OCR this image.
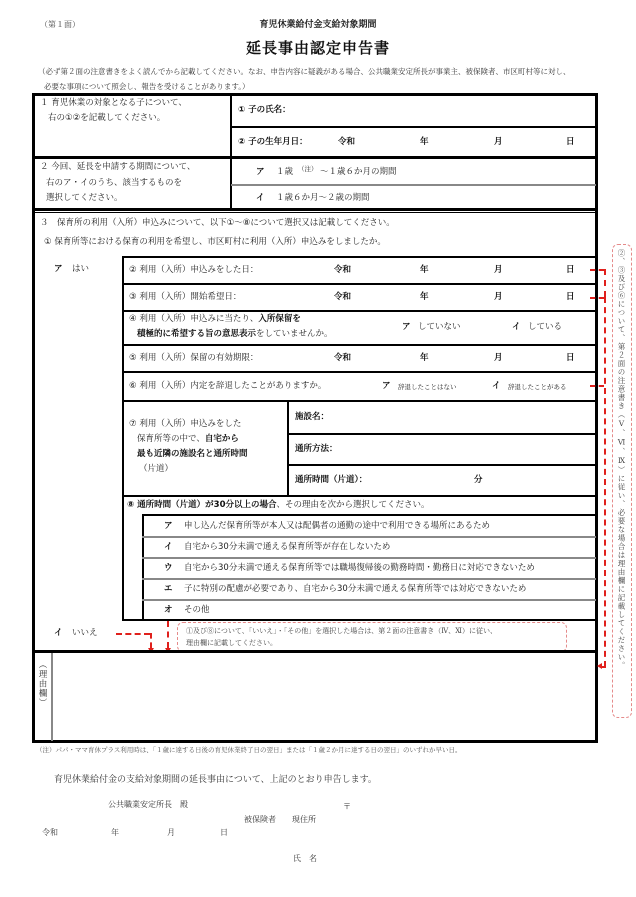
（第１面）	育児休業給付金支給対象期間
延長事由認定申告書
（必ず第２面の注意書きをよく読んでから記載してください。なお、申告内容に疑義がある場合、公共職業安定所長が事業主、被保険者、市区町村等に対し、
必要な事項について照会し、報告を受けることがあります。）
１ 育児休業の対象となる子について、
右の①②を記載してください。
① 子の氏名：
② 子の生年月日：	令和	年	月	日
２ 今回、延長を申請する期間について、
右のア・イのうち、該当するものを
選択してください。
ア １歳 （注） ～１歳６か月の期間
イ １歳６か月～２歳の期間
３　保育所の利用（入所）申込みについて、以下①～⑧について選択又は記載してください。
① 保育所等における保育の利用を希望し、市区町村に利用（入所）申込みをしましたか。
ア はい	② 利用（入所）申込みをした日：	令和	年	月	日
③ 利用（入所）開始希望日：	令和	年	月	日
④ 利用（入所）申込みに当たり、入所保留を
積極的に希望する旨の意思表示をしていませんか。
ア していない	イ している
⑤ 利用（入所）保留の有効期限：	令和	年	月	日
⑥ 利用（入所）内定を辞退したことがありますか。	ア 辞退したことはない	イ 辞退したことがある
⑦ 利用（入所）申込みをした
保育所等の中で、自宅から
最も近隣の施設名と通所時間
（片道）
施設名：
通所方法：
通所時間（片道）：	分
⑧ 通所時間（片道）が30分以上の場合、その理由を次から選択してください。
ア 申し込んだ保育所等が本人又は配偶者の通勤の途中で利用できる場所にあるため
イ 自宅から30分未満で通える保育所等が存在しないため
ウ 自宅から30分未満で通える保育所等では職場復帰後の勤務時間・勤務日に対応できないため
エ 子に特別の配慮が必要であり、自宅から30分未満で通える保育所等では対応できないため
オ その他
イ いいえ	①及び⑧について、「いいえ」・「その他」を選択した場合は、第２面の注意書き（Ⅳ、Ⅺ）に従い、
理由欄に記載してください。
（理由欄）
②、③及び⑥について、第２面の注意書き（Ⅴ、Ⅵ、Ⅸ）に従い、必要な場合は理由欄に記載してください。
（注）パパ・ママ育休プラス利用時は、「１歳に達する日後の育児休業終了日の翌日」または「１歳２か月に達する日の翌日」のいずれか早い日。
育児休業給付金の支給対象期間の延長事由について、上記のとおり申告します。
公共職業安定所長　殿
被保険者 現住所
〒
令和	年	月	日
氏　名
